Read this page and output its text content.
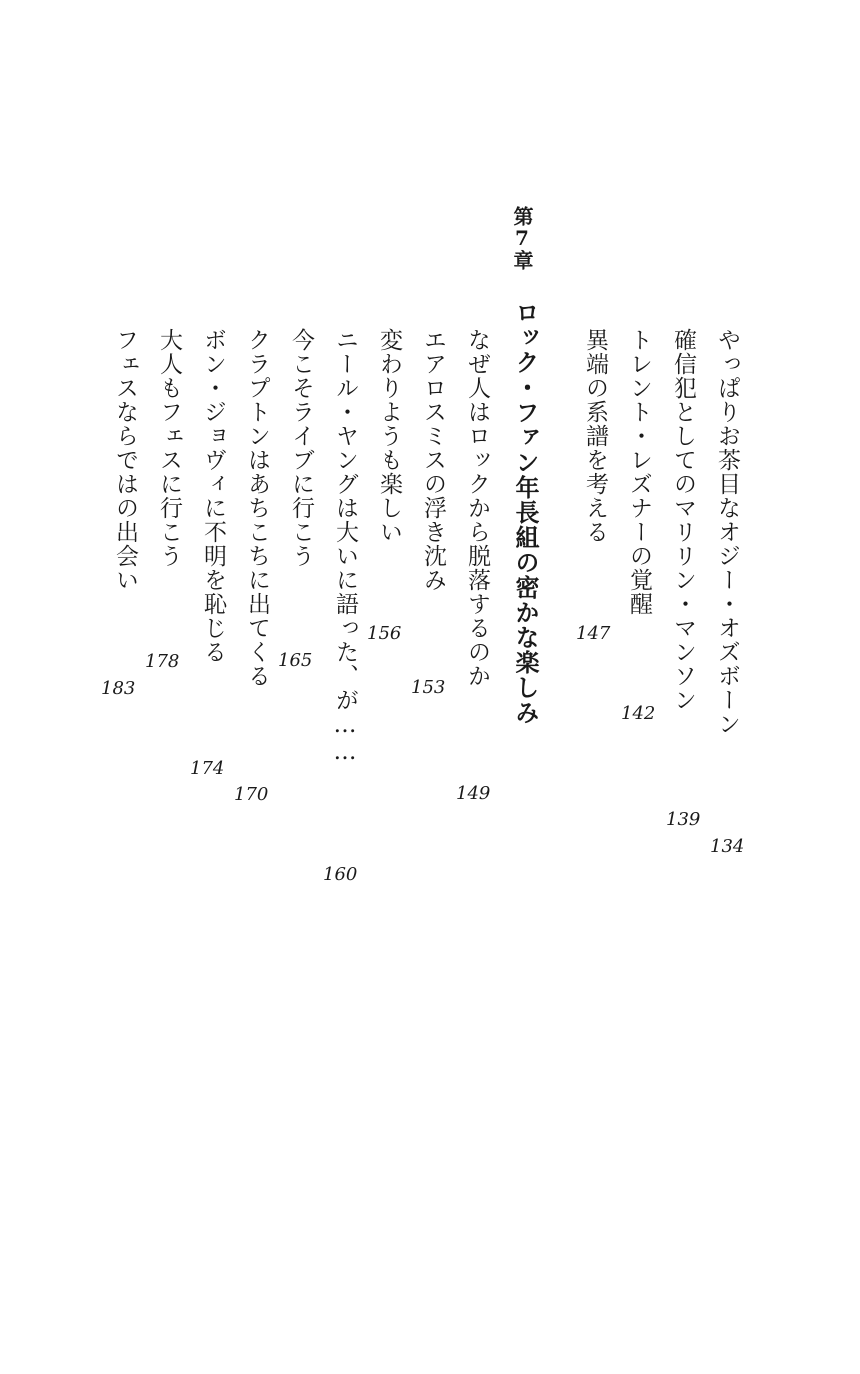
やっぱりお茶目なオジー・オズボーン
134
確信犯としてのマリリン・マンソン
139
トレント・レズナーの覚醒
142
異端の系譜を考える
147
第7章
ロック・ファン年長組の密かな楽しみ
なぜ人はロックから脱落するのか
149
エアロスミスの浮き沈み
153
変わりようも楽しい
156
ニール・ヤングは大いに語った、が……
160
今こそライブに行こう
165
クラプトンはあちこちに出てくる
170
ボン・ジョヴィに不明を恥じる
174
大人もフェスに行こう
178
フェスならではの出会い
183
